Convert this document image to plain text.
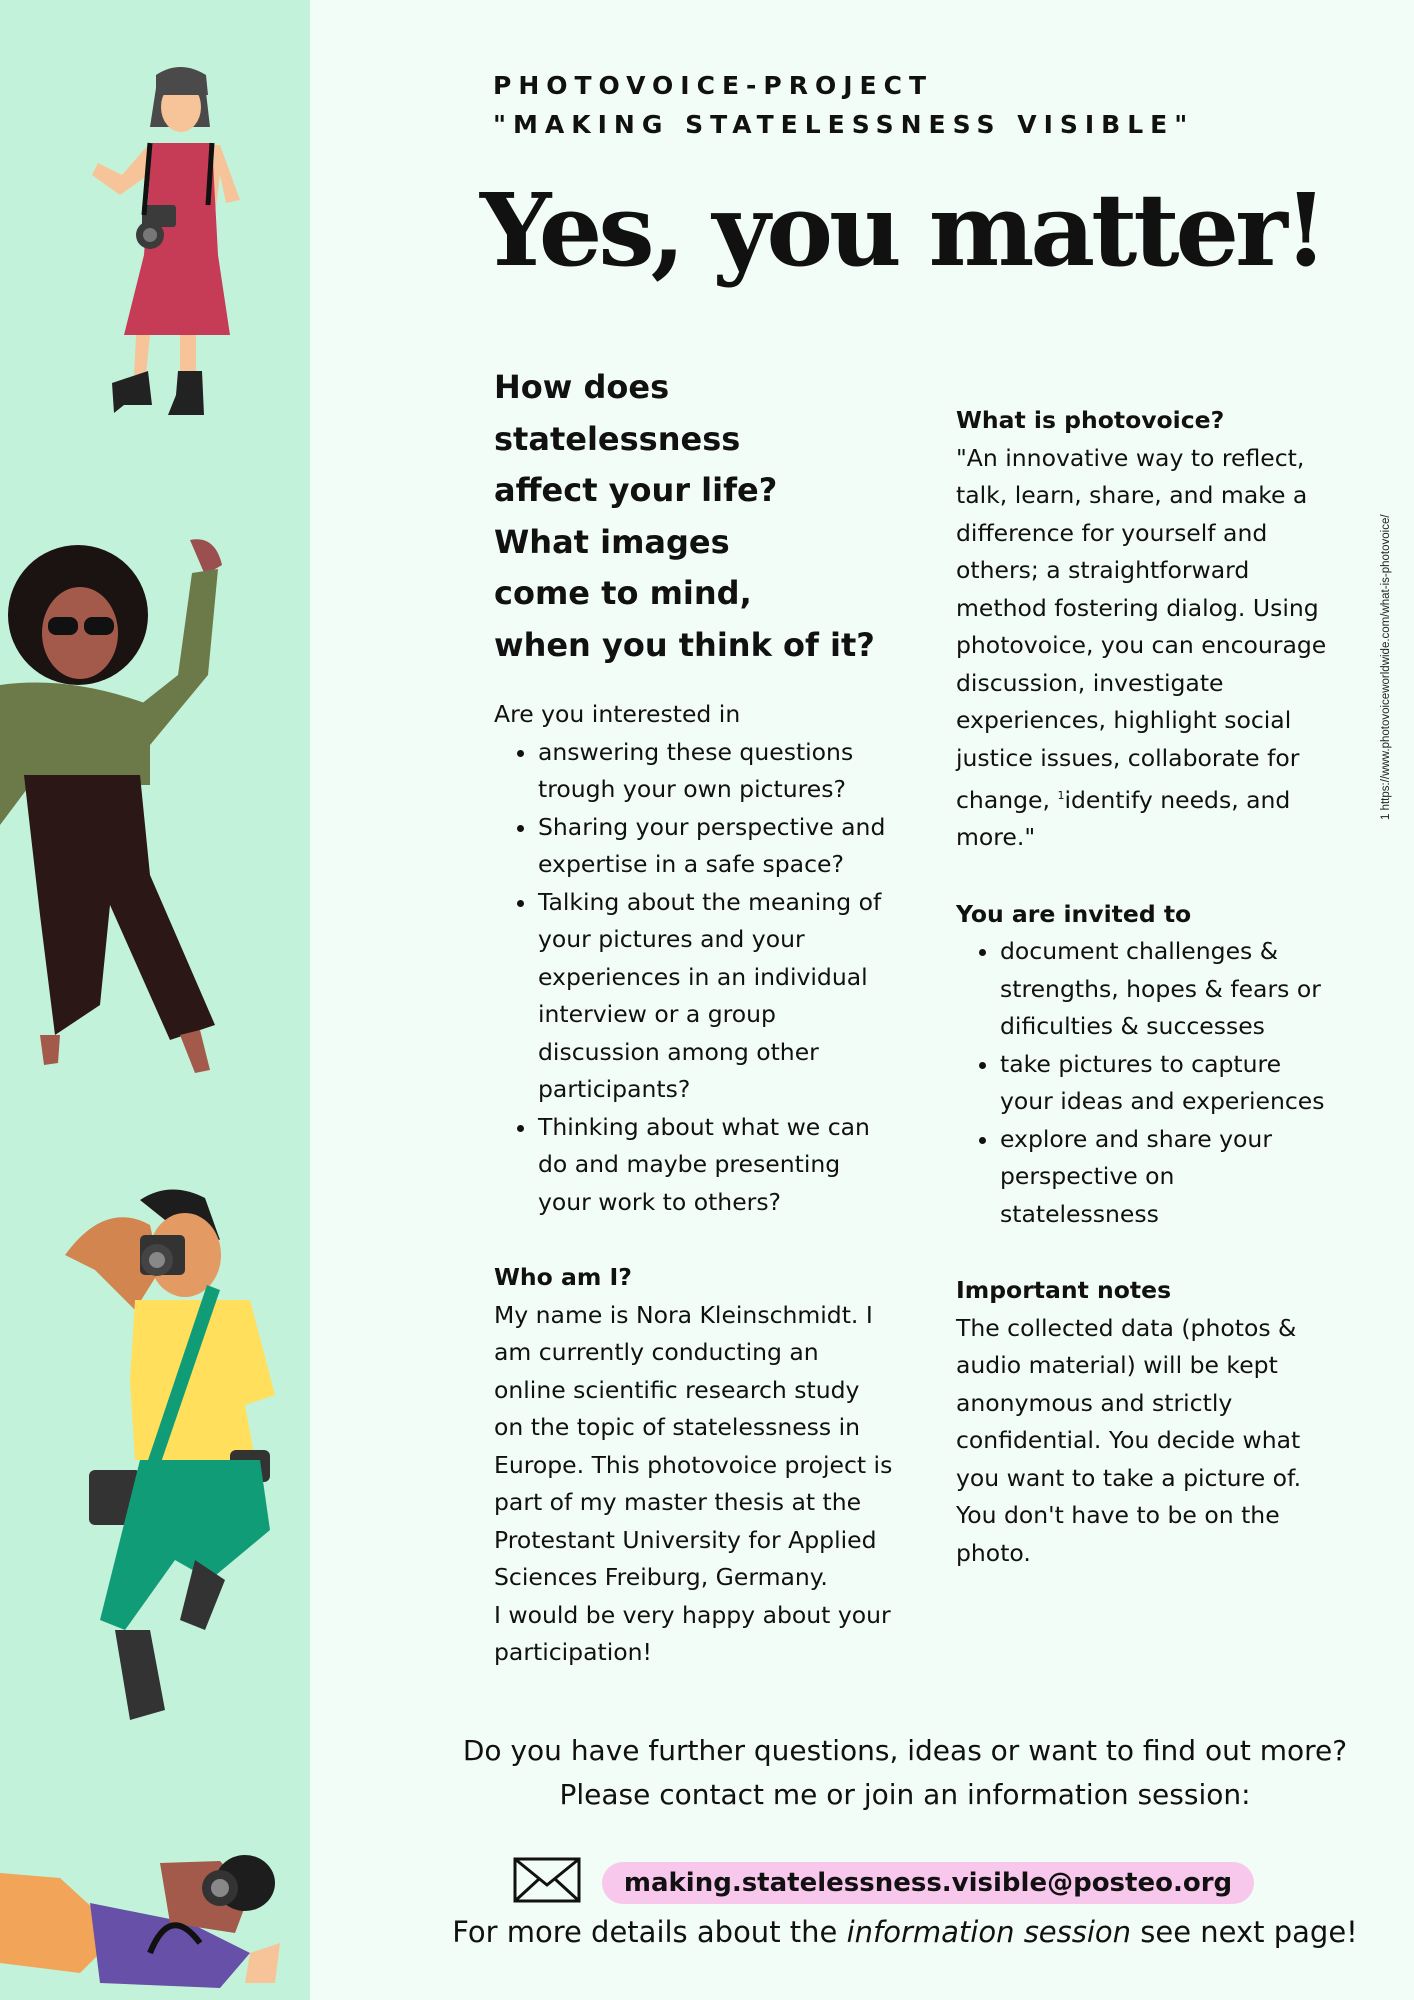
PHOTOVOICE-PROJECT
"MAKING STATELESSNESS VISIBLE"
Yes, you matter!
How does
statelessness
affect your life?
What images
come to mind,
when you think of it?
Are you interested in
• answering these questions trough your own pictures?
• Sharing your perspective and expertise in a safe space?
• Talking about the meaning of your pictures and your experiences in an individual interview or a group discussion among other participants?
• Thinking about what we can do and maybe presenting your work to others?
Who am I?
My name is Nora Kleinschmidt. I am currently conducting an online scientific research study on the topic of statelessness in Europe. This photovoice project is part of my master thesis at the Protestant University for Applied Sciences Freiburg, Germany.
I would be very happy about your participation!
What is photovoice?
"An innovative way to reflect, talk, learn, share, and make a difference for yourself and others; a straightforward method fostering dialog. Using photovoice, you can encourage discussion, investigate experiences, highlight social justice issues, collaborate for change, $^1$identify needs, and more."
You are invited to
• document challenges & strengths, hopes & fears or dificulties & successes
• take pictures to capture your ideas and experiences
• explore and share your perspective on statelessness
Important notes
The collected data (photos & audio material) will be kept anonymous and strictly confidential. You decide what you want to take a picture of. You don't have to be on the photo.
1 https://www.photovoiceworldwide.com/what-is-photovoice/
Do you have further questions, ideas or want to find out more?
Please contact me or join an information session:
making.statelessness.visible@posteo.org
For more details about the information session see next page!
